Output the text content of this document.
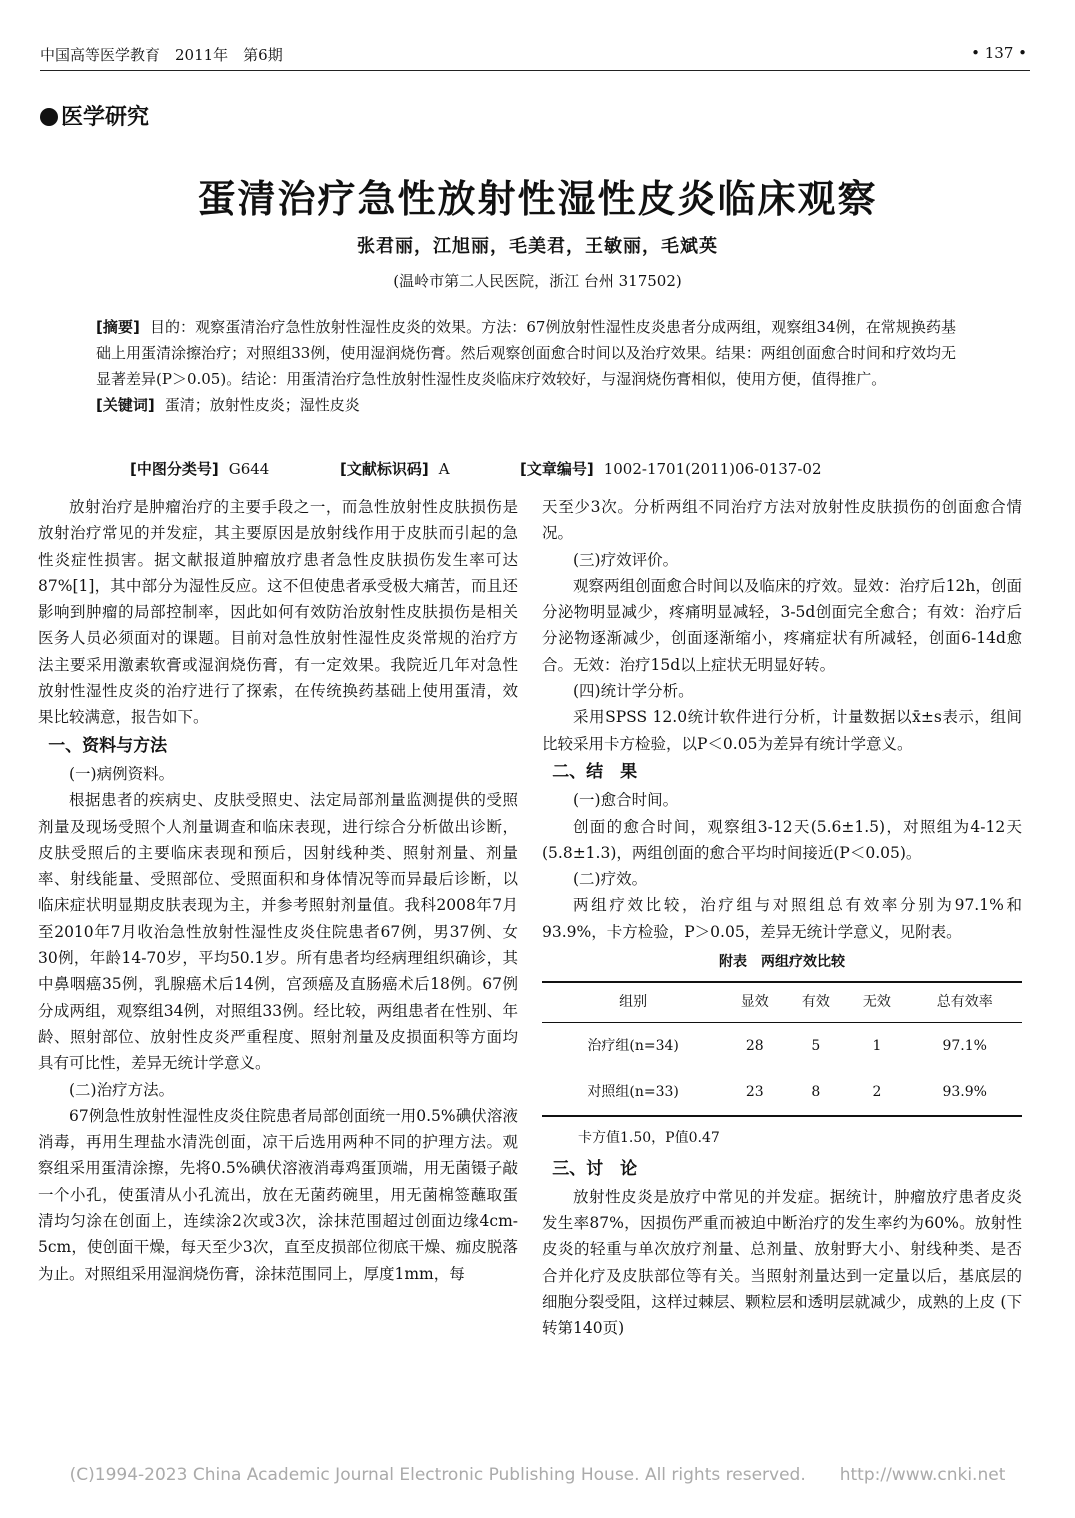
中国高等医学教育　2011年　第6期	• 137 •
医学研究
蛋清治疗急性放射性湿性皮炎临床观察
张君丽，江旭丽，毛美君，王敏丽，毛斌英
(温岭市第二人民医院，浙江 台州 317502)
[摘要] 目的：观察蛋清治疗急性放射性湿性皮炎的效果。方法：67例放射性湿性皮炎患者分成两组，观察组34例，在常规换药基础上用蛋清涂擦治疗；对照组33例，使用湿润烧伤膏。然后观察创面愈合时间以及治疗效果。结果：两组创面愈合时间和疗效均无显著差异(P＞0.05)。结论：用蛋清治疗急性放射性湿性皮炎临床疗效较好，与湿润烧伤膏相似，使用方便，值得推广。
[关键词] 蛋清；放射性皮炎；湿性皮炎
[中图分类号] G644	[文献标识码] A	[文章编号] 1002-1701(2011)06-0137-02

放射治疗是肿瘤治疗的主要手段之一，而急性放射性皮肤损伤是放射治疗常见的并发症，其主要原因是放射线作用于皮肤而引起的急性炎症性损害。据文献报道肿瘤放疗患者急性皮肤损伤发生率可达87%[1]，其中部分为湿性反应。这不但使患者承受极大痛苦，而且还影响到肿瘤的局部控制率，因此如何有效防治放射性皮肤损伤是相关医务人员必须面对的课题。目前对急性放射性湿性皮炎常规的治疗方法主要采用激素软膏或湿润烧伤膏，有一定效果。我院近几年对急性放射性湿性皮炎的治疗进行了探索，在传统换药基础上使用蛋清，效果比较满意，报告如下。

一、资料与方法
(一)病例资料。

根据患者的疾病史、皮肤受照史、法定局部剂量监测提供的受照剂量及现场受照个人剂量调查和临床表现，进行综合分析做出诊断，皮肤受照后的主要临床表现和预后，因射线种类、照射剂量、剂量率、射线能量、受照部位、受照面积和身体情况等而异最后诊断，以临床症状明显期皮肤表现为主，并参考照射剂量值。我科2008年7月至2010年7月收治急性放射性湿性皮炎住院患者67例，男37例、女30例，年龄14-70岁，平均50.1岁。所有患者均经病理组织确诊，其中鼻咽癌35例，乳腺癌术后14例，宫颈癌及直肠癌术后18例。67例分成两组，观察组34例，对照组33例。经比较，两组患者在性别、年龄、照射部位、放射性皮炎严重程度、照射剂量及皮损面积等方面均具有可比性，差异无统计学意义。

(二)治疗方法。

67例急性放射性湿性皮炎住院患者局部创面统一用0.5%碘伏溶液消毒，再用生理盐水清洗创面，凉干后选用两种不同的护理方法。观察组采用蛋清涂擦，先将0.5%碘伏溶液消毒鸡蛋顶端，用无菌镊子敲一个小孔，使蛋清从小孔流出，放在无菌药碗里，用无菌棉签蘸取蛋清均匀涂在创面上，连续涂2次或3次，涂抹范围超过创面边缘4cm-5cm，使创面干燥，每天至少3次，直至皮损部位彻底干燥、痂皮脱落为止。对照组采用湿润烧伤膏，涂抹范围同上，厚度1mm，每

天至少3次。分析两组不同治疗方法对放射性皮肤损伤的创面愈合情况。

(三)疗效评价。

观察两组创面愈合时间以及临床的疗效。显效：治疗后12h，创面分泌物明显减少，疼痛明显减轻，3-5d创面完全愈合；有效：治疗后分泌物逐渐减少，创面逐渐缩小，疼痛症状有所减轻，创面6-14d愈合。无效：治疗15d以上症状无明显好转。

(四)统计学分析。

采用SPSS 12.0统计软件进行分析，计量数据以x̄±s表示，组间比较采用卡方检验，以P＜0.05为差异有统计学意义。

二、结　果
(一)愈合时间。

创面的愈合时间，观察组3-12天(5.6±1.5)，对照组为4-12天(5.8±1.3)，两组创面的愈合平均时间接近(P＜0.05)。

(二)疗效。

两组疗效比较，治疗组与对照组总有效率分别为97.1%和93.9%，卡方检验，P＞0.05，差异无统计学意义，见附表。

附表　两组疗效比较
组别	显效	有效	无效	总有效率
治疗组(n=34)	28	5	1	97.1%
对照组(n=33)	23	8	2	93.9%
卡方值1.50，P值0.47
三、讨　论

放射性皮炎是放疗中常见的并发症。据统计，肿瘤放疗患者皮炎发生率87%，因损伤严重而被迫中断治疗的发生率约为60%。放射性皮炎的轻重与单次放疗剂量、总剂量、放射野大小、射线种类、是否合并化疗及皮肤部位等有关。当照射剂量达到一定量以后，基底层的细胞分裂受阻，这样过棘层、颗粒层和透明层就减少，成熟的上皮 (下转第140页)

(C)1994-2023 China Academic Journal Electronic Publishing House. All rights reserved.　　http://www.cnki.net
